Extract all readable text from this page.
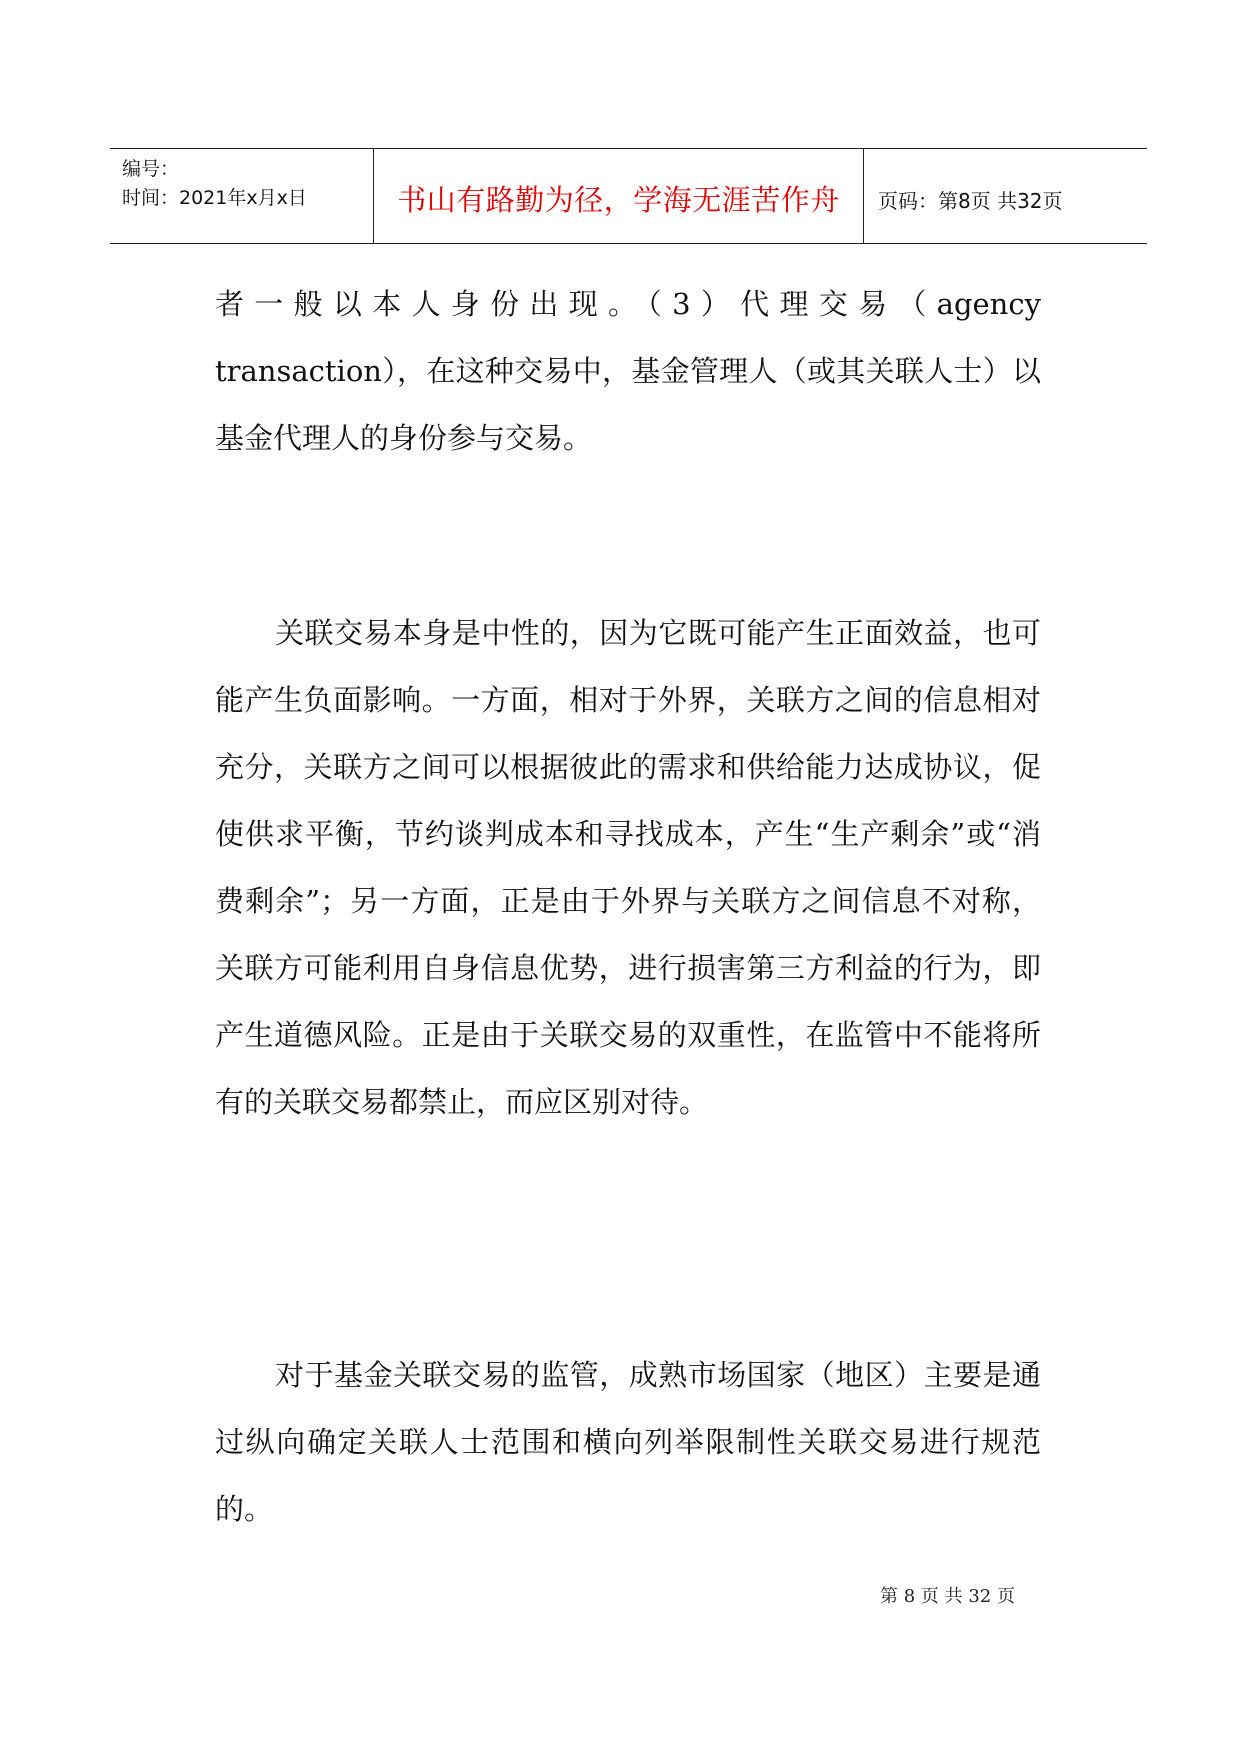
编号：
时间：2021年x月x日	书山有路勤为径，学海无涯苦作舟 页码：第8页 共32页

者一般以本人身份出现。（3）代理交易（agency transaction），在这种交易中，基金管理人（或其关联人士）以基金代理人的身份参与交易。

关联交易本身是中性的，因为它既可能产生正面效益，也可能产生负面影响。一方面，相对于外界，关联方之间的信息相对充分，关联方之间可以根据彼此的需求和供给能力达成协议，促使供求平衡，节约谈判成本和寻找成本，产生“生产剩余”或“消费剩余”；另一方面，正是由于外界与关联方之间信息不对称，关联方可能利用自身信息优势，进行损害第三方利益的行为，即产生道德风险。正是由于关联交易的双重性，在监管中不能将所有的关联交易都禁止，而应区别对待。

对于基金关联交易的监管，成熟市场国家（地区）主要是通过纵向确定关联人士范围和横向列举限制性关联交易进行规范的。

第 8 页 共 32 页
